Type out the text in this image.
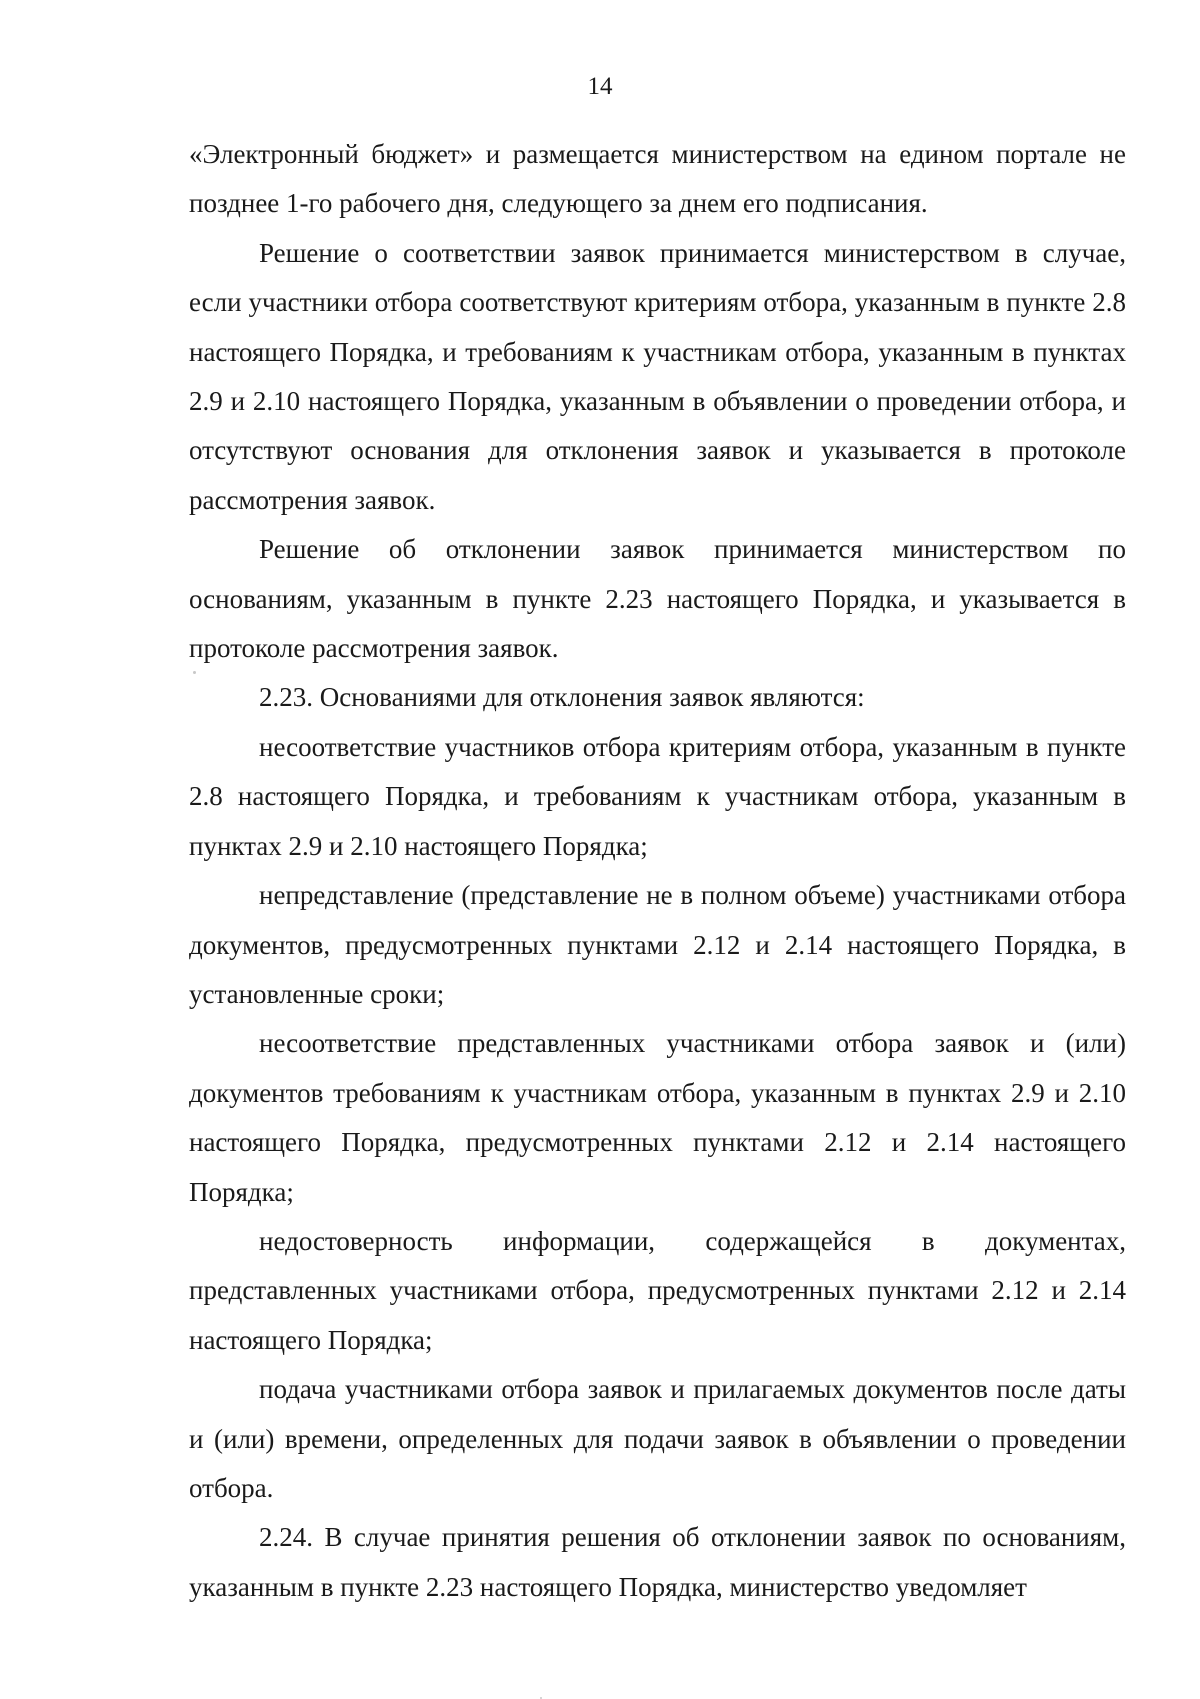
14

«Электронный бюджет» и размещается министерством на едином портале не позднее 1-го рабочего дня, следующего за днем его подписания.

Решение о соответствии заявок принимается министерством в случае, если участники отбора соответствуют критериям отбора, указанным в пункте 2.8 настоящего Порядка, и требованиям к участникам отбора, указанным в пунктах 2.9 и 2.10 настоящего Порядка, указанным в объявлении о проведении отбора, и отсутствуют основания для отклонения заявок и указывается в протоколе рассмотрения заявок.

Решение об отклонении заявок принимается министерством по основаниям, указанным в пункте 2.23 настоящего Порядка, и указывается в протоколе рассмотрения заявок.

2.23. Основаниями для отклонения заявок являются:

несоответствие участников отбора критериям отбора, указанным в пункте 2.8 настоящего Порядка, и требованиям к участникам отбора, указанным в пунктах 2.9 и 2.10 настоящего Порядка;

непредставление (представление не в полном объеме) участниками отбора документов, предусмотренных пунктами 2.12 и 2.14 настоящего Порядка, в установленные сроки;

несоответствие представленных участниками отбора заявок и (или) документов требованиям к участникам отбора, указанным в пунктах 2.9 и 2.10 настоящего Порядка, предусмотренных пунктами 2.12 и 2.14 настоящего Порядка;

недостоверность информации, содержащейся в документах, представленных участниками отбора, предусмотренных пунктами 2.12 и 2.14 настоящего Порядка;

подача участниками отбора заявок и прилагаемых документов после даты и (или) времени, определенных для подачи заявок в объявлении о проведении отбора.

2.24. В случае принятия решения об отклонении заявок по основаниям, указанным в пункте 2.23 настоящего Порядка, министерство уведомляет
